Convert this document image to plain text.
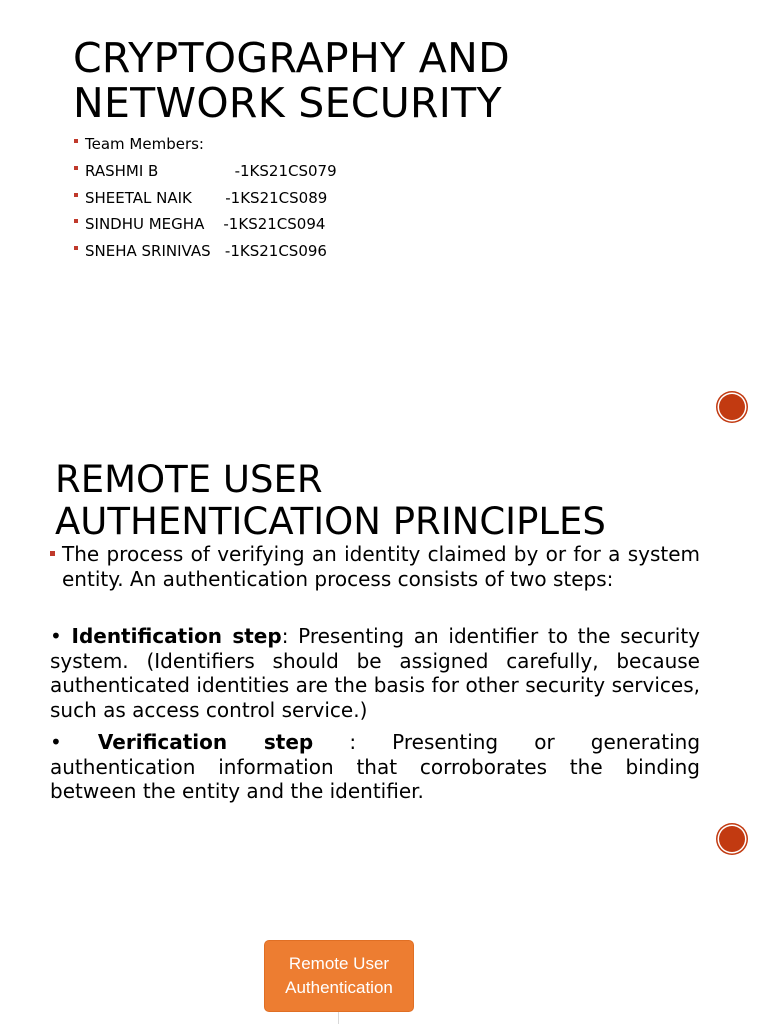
CRYPTOGRAPHY AND
NETWORK SECURITY
Team Members:
RASHMI B                -1KS21CS079
SHEETAL NAIK       -1KS21CS089
SINDHU MEGHA    -1KS21CS094
SNEHA SRINIVAS   -1KS21CS096
REMOTE USER
AUTHENTICATION PRINCIPLES
The process of verifying an identity claimed by or for a system entity. An authentication process consists of two steps:

• Identification step: Presenting an identifier to the security system. (Identifiers should be assigned carefully, because authenticated identities are the basis for other security services, such as access control service.)

• Verification step : Presenting or generating
authentication information that corroborates the binding between the entity and the identifier.
Remote User
Authentication
